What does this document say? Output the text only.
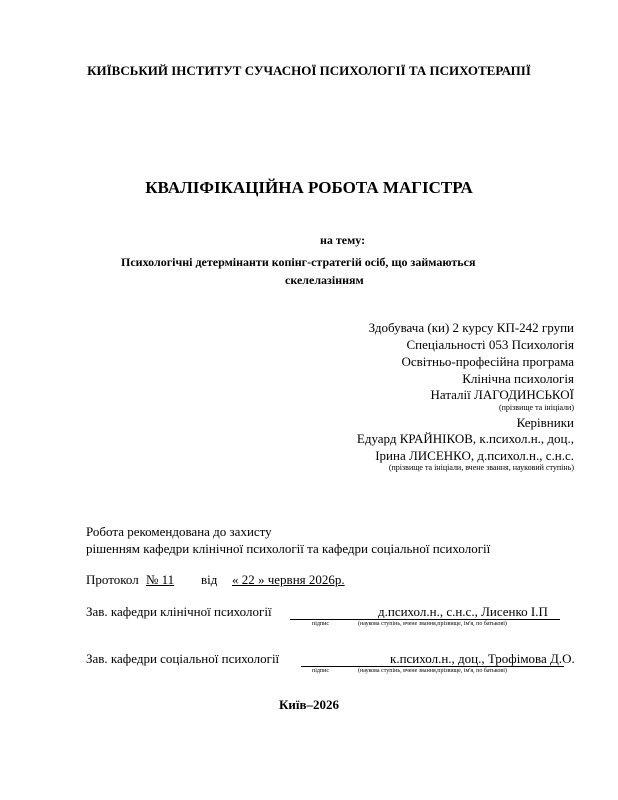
КИЇВСЬКИЙ ІНСТИТУТ СУЧАСНОЇ ПСИХОЛОГІЇ ТА ПСИХОТЕРАПІЇ
КВАЛІФІКАЦІЙНА РОБОТА МАГІСТРА
на тему:
Психологічні детермінанти копінг-стратегій осіб, що займаються
скелелазінням
Здобувача (ки) 2 курсу КП-242 групи
Спеціальності 053 Психологія
Освітньо-професійна програма
Клінічна психологія
Наталії ЛАГОДИНСЬКОЇ
(прізвище та ініціали)
Керівники
Едуард КРАЙНІКОВ, к.психол.н., доц.,
Ірина ЛИСЕНКО, д.психол.н., с.н.с.
(прізвище та ініціали, вчене звання, науковий ступінь)
Робота рекомендована до захисту
рішенням кафедри клінічної психології та кафедри соціальної психології
Протокол № 11 від « 22 » червня 2026р.
Зав. кафедри клінічної психології	д.психол.н., с.н.с., Лисенко І.П
підпис	(наукова ступінь, вчене звання,прізвище, ім'я, по батькові)
Зав. кафедри соціальної психології	к.психол.н., доц., Трофімова Д.О.
підпис	(наукова ступінь, вчене звання,прізвище, ім'я, по батькові)
Київ–2026
